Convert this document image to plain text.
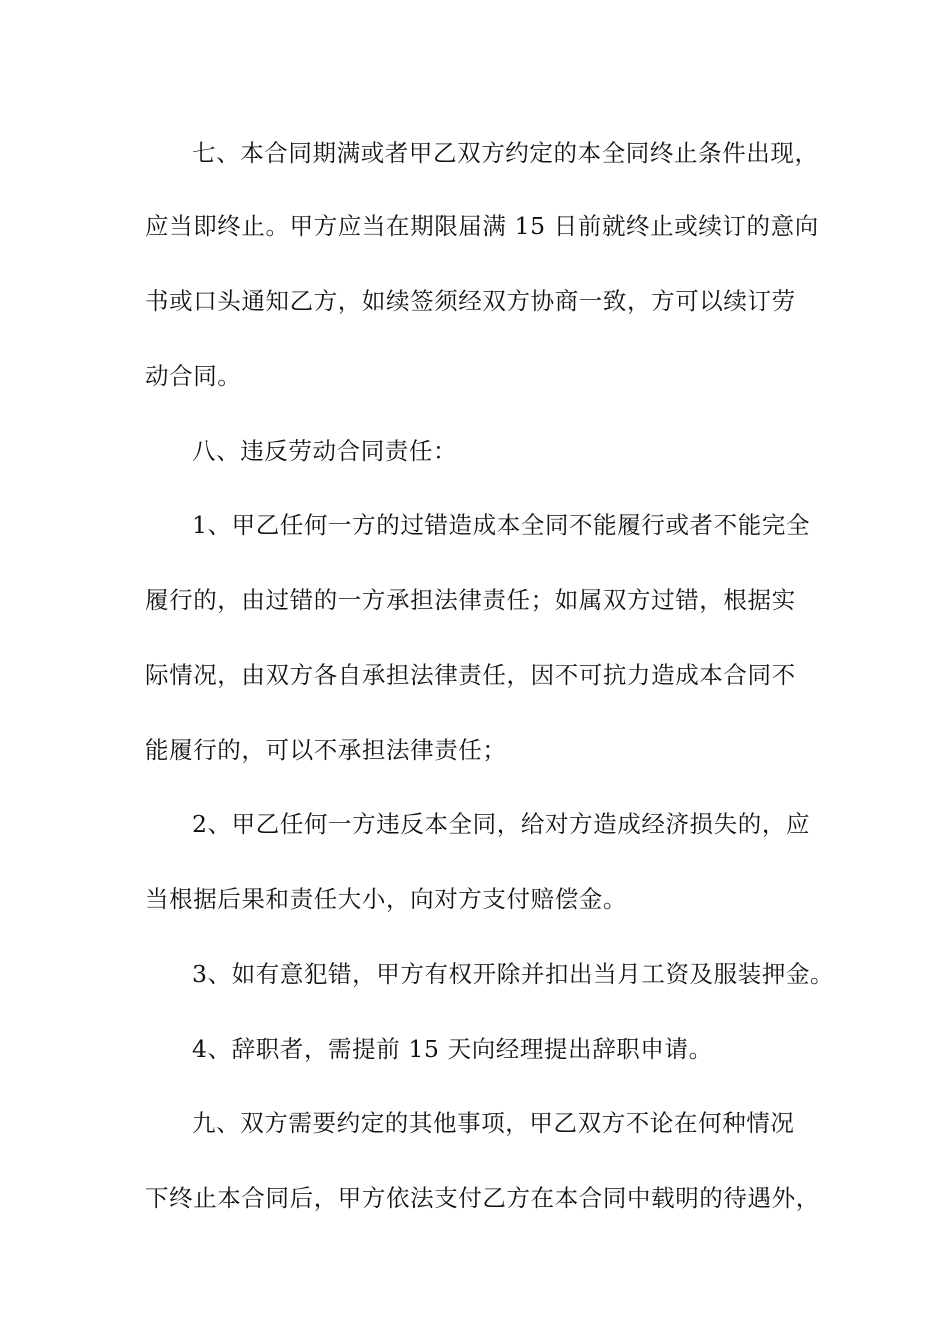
七、本合同期满或者甲乙双方约定的本全同终止条件出现，
应当即终止。甲方应当在期限届满 15 日前就终止或续订的意向
书或口头通知乙方，如续签须经双方协商一致，方可以续订劳
动合同。
八、违反劳动合同责任：
1、甲乙任何一方的过错造成本全同不能履行或者不能完全
履行的，由过错的一方承担法律责任；如属双方过错，根据实
际情况，由双方各自承担法律责任，因不可抗力造成本合同不
能履行的，可以不承担法律责任；
2、甲乙任何一方违反本全同，给对方造成经济损失的，应
当根据后果和责任大小，向对方支付赔偿金。
3、如有意犯错，甲方有权开除并扣出当月工资及服装押金。
4、辞职者，需提前 15 天向经理提出辞职申请。
九、双方需要约定的其他事项，甲乙双方不论在何种情况
下终止本合同后，甲方依法支付乙方在本合同中载明的待遇外，
